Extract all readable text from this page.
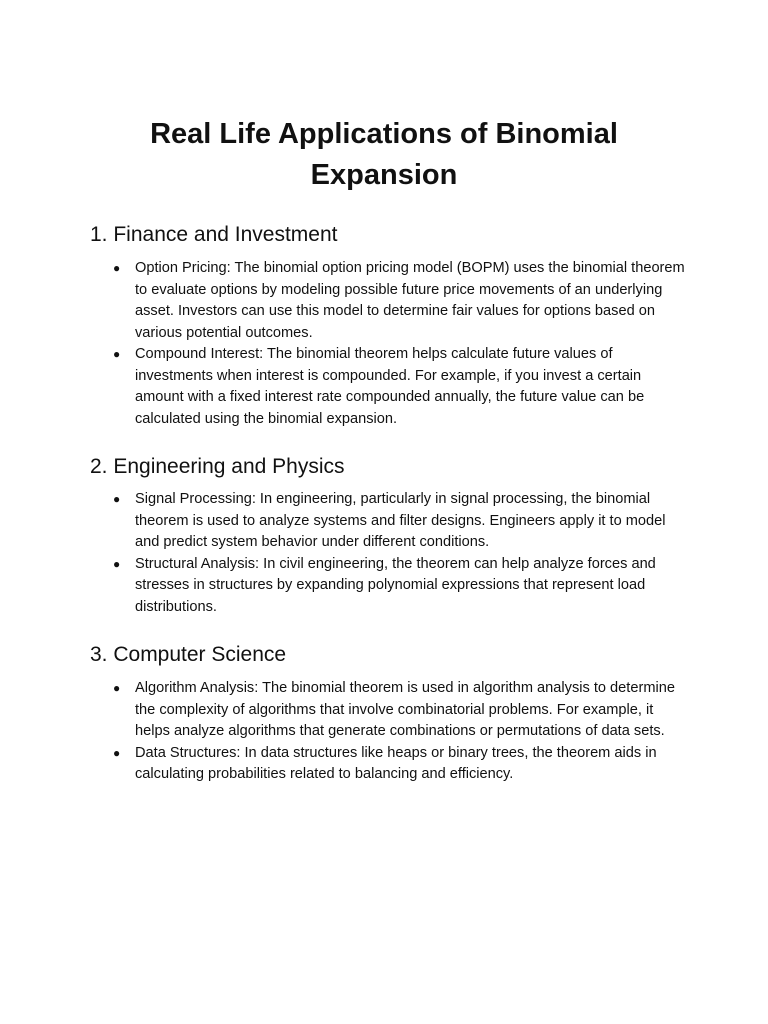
Real Life Applications of Binomial Expansion
1. Finance and Investment
● Option Pricing: The binomial option pricing model (BOPM) uses the binomial theorem to evaluate options by modeling possible future price movements of an underlying asset. Investors can use this model to determine fair values for options based on various potential outcomes.
● Compound Interest: The binomial theorem helps calculate future values of investments when interest is compounded. For example, if you invest a certain amount with a fixed interest rate compounded annually, the future value can be calculated using the binomial expansion.
2. Engineering and Physics
● Signal Processing: In engineering, particularly in signal processing, the binomial theorem is used to analyze systems and filter designs. Engineers apply it to model and predict system behavior under different conditions.
● Structural Analysis: In civil engineering, the theorem can help analyze forces and stresses in structures by expanding polynomial expressions that represent load distributions.
3. Computer Science
● Algorithm Analysis: The binomial theorem is used in algorithm analysis to determine the complexity of algorithms that involve combinatorial problems. For example, it helps analyze algorithms that generate combinations or permutations of data sets.
● Data Structures: In data structures like heaps or binary trees, the theorem aids in calculating probabilities related to balancing and efficiency.
